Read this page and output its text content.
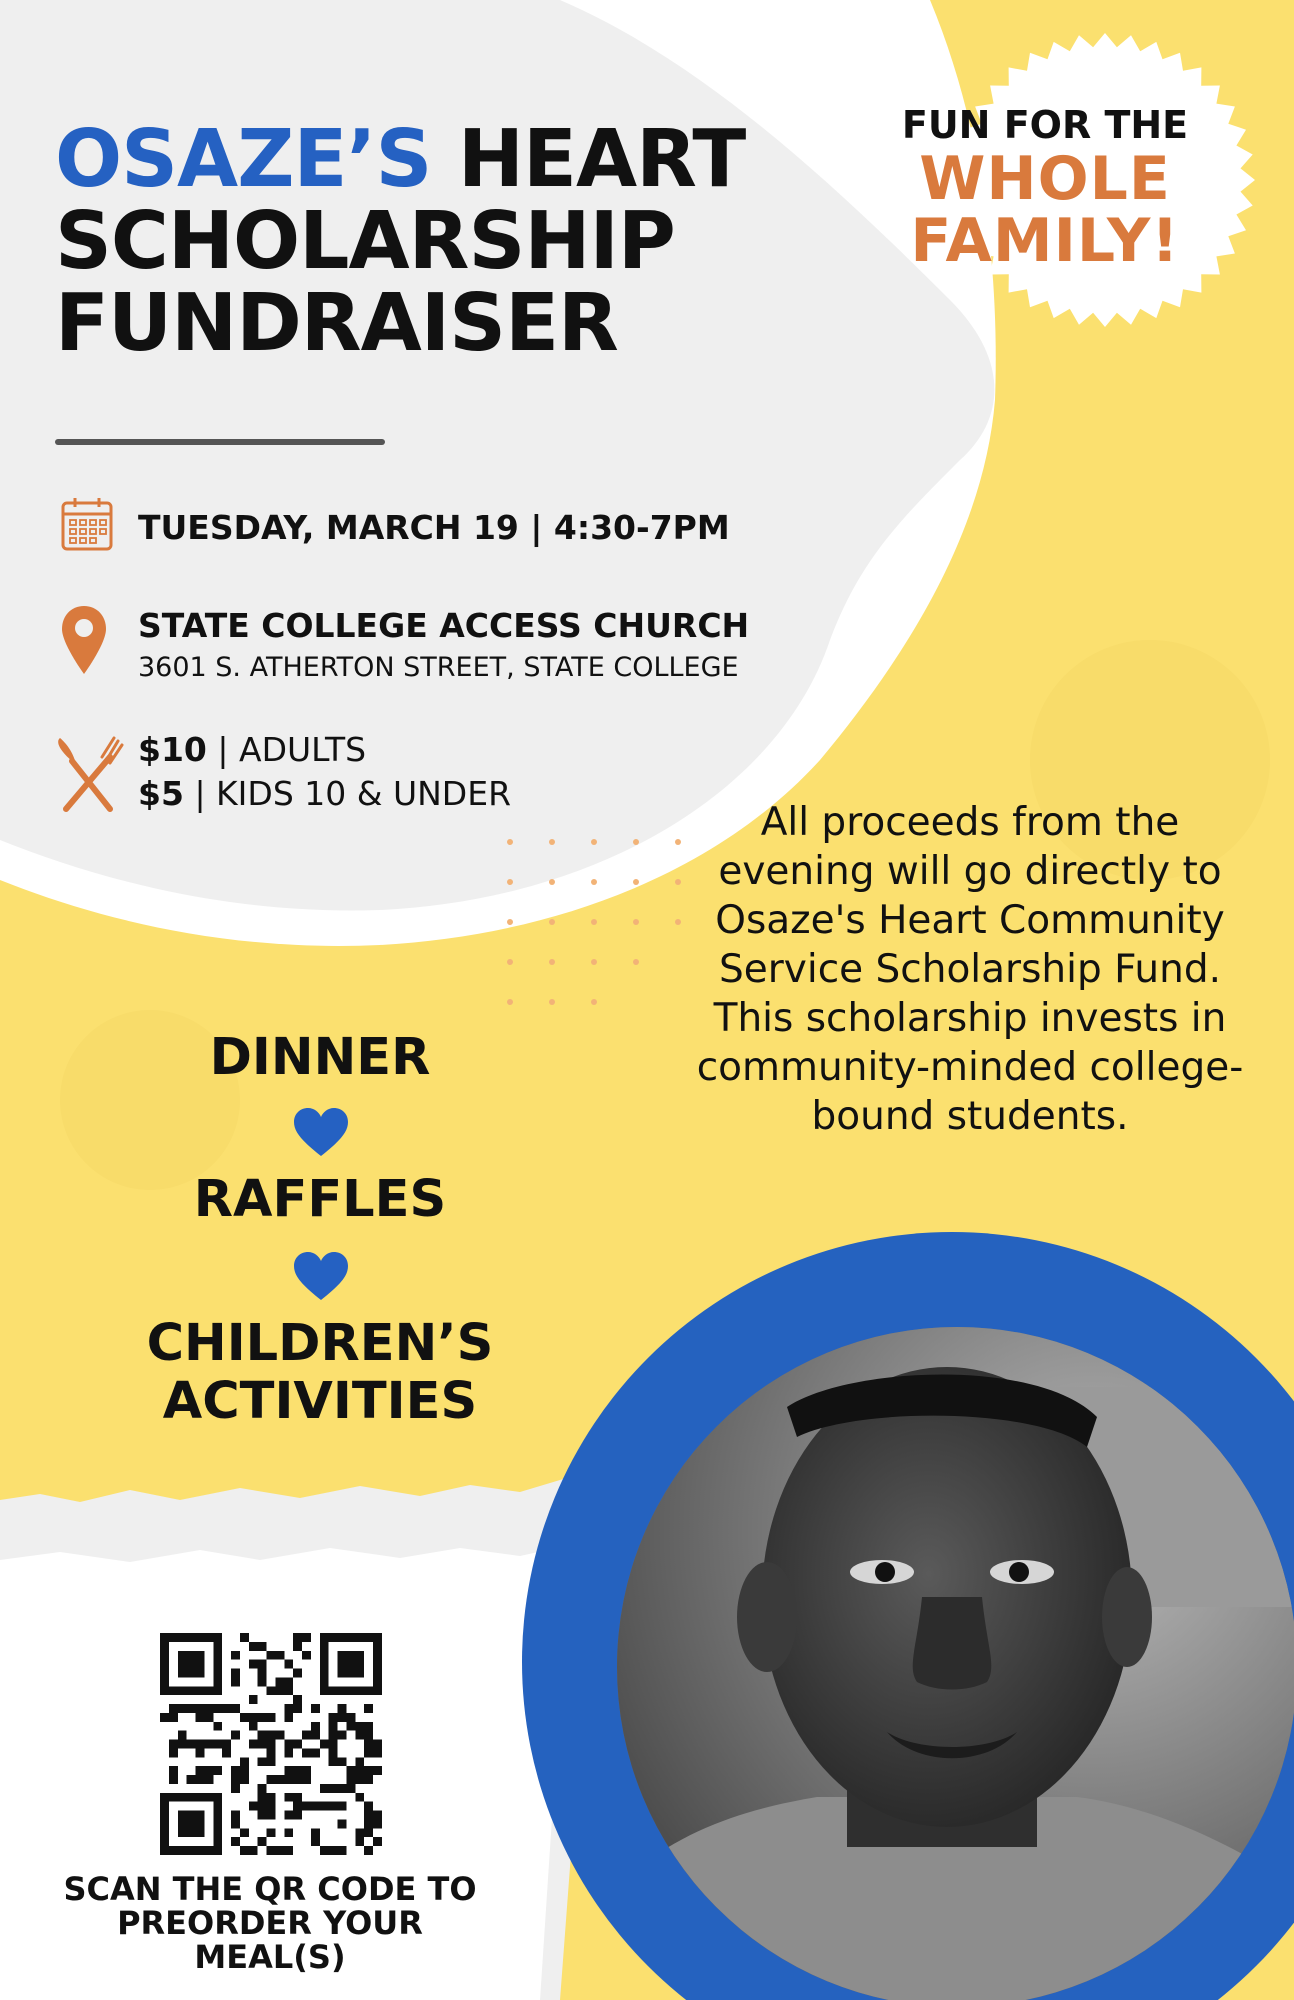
OSAZE’S HEART
SCHOLARSHIP
FUNDRAISER
TUESDAY, MARCH 19 | 4:30-7PM
STATE COLLEGE ACCESS CHURCH
3601 S. ATHERTON STREET, STATE COLLEGE
$10 | ADULTS
$5 | KIDS 10 & UNDER
FUN FOR THE
WHOLE
FAMILY!
All proceeds from the evening will go directly to Osaze's Heart Community Service Scholarship Fund. This scholarship invests in community-minded college-bound students.
DINNER
RAFFLES
CHILDREN’S
ACTIVITIES
SCAN THE QR CODE TO PREORDER YOUR MEAL(S)
